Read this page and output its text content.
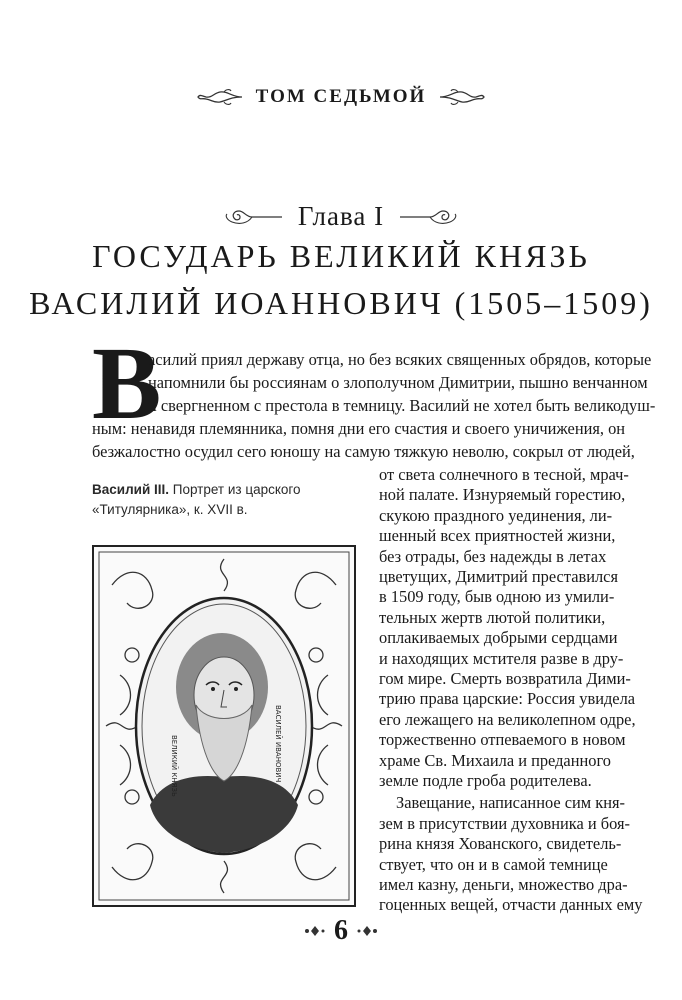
ТОМ СЕДЬМОЙ
Глава I
ГОСУДАРЬ ВЕЛИКИЙ КНЯЗЬ
ВАСИЛИЙ ИОАННОВИЧ (1505–1509)
В
асилий приял державу отца, но без всяких священных обрядов, которые
напомнили бы россиянам о злополучном Димитрии, пышно венчанном
и свергненном с престола в темницу. Василий не хотел быть великодуш-
ным: ненавидя племянника, помня дни его счастия и своего уничижения, он
безжалостно осудил сего юношу на самую тяжкую неволю, сокрыл от людей,
Василий III. Портрет из царского
«Титулярника», к. XVII в.
от света солнечного в тесной, мрач-
ной палате. Изнуряемый горестию,
скукою праздного уединения, ли-
шенный всех приятностей жизни,
без отрады, без надежды в летах
цветущих, Димитрий преставился
в 1509 году, быв одною из умили-
тельных жертв лютой политики,
оплакиваемых добрыми сердцами
и находящих мстителя разве в дру-
гом мире. Смерть возвратила Дими-
трию права царские: Россия увидела
его лежащего на великолепном одре,
торжественно отпеваемого в новом
храме Св. Михаила и преданного
земле подле гроба родителева.
Завещание, написанное сим кня-
зем в присутствии духовника и боя-
рина князя Хованского, свидетель-
ствует, что он и в самой темнице
ВЕЛИКИЙ КНЯЗЬ	ВАСИЛЕЙ ИВАНОВИЧ
6
имел казну, деньги, множество дра-
гоценных вещей, отчасти данных ему
